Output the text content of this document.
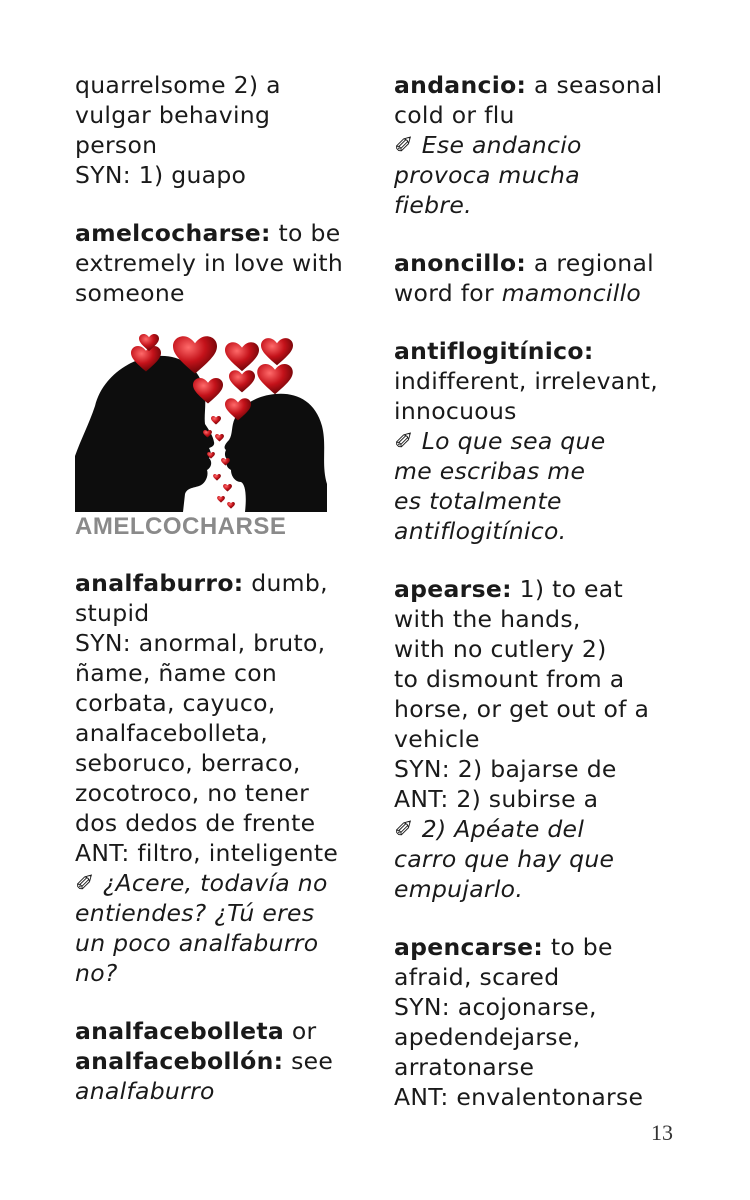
quarrelsome 2) a
vulgar behaving
person
SYN: 1) guapo
amelcocharse: to be
extremely in love with
someone
AMELCOCHARSE
analfaburro: dumb,
stupid
SYN: anormal, bruto,
ñame, ñame con
corbata, cayuco,
analfacebolleta,
seboruco, berraco,
zocotroco, no tener
dos dedos de frente
ANT: filtro, inteligente
✐ ¿Acere, todavía no
entiendes? ¿Tú eres
un poco analfaburro
no?
analfacebolleta or
analfacebollón: see
analfaburro
andancio: a seasonal
cold or flu
✐ Ese andancio
provoca mucha
fiebre.
anoncillo: a regional
word for mamoncillo
antiflogitínico:
indifferent, irrelevant,
innocuous
✐ Lo que sea que
me escribas me
es totalmente
antiflogitínico.
apearse: 1) to eat
with the hands,
with no cutlery 2)
to dismount from a
horse, or get out of a
vehicle
SYN: 2) bajarse de
ANT: 2) subirse a
✐ 2) Apéate del
carro que hay que
empujarlo.
apencarse: to be
afraid, scared
SYN: acojonarse,
apedendejarse,
arratonarse
ANT: envalentonarse
13
